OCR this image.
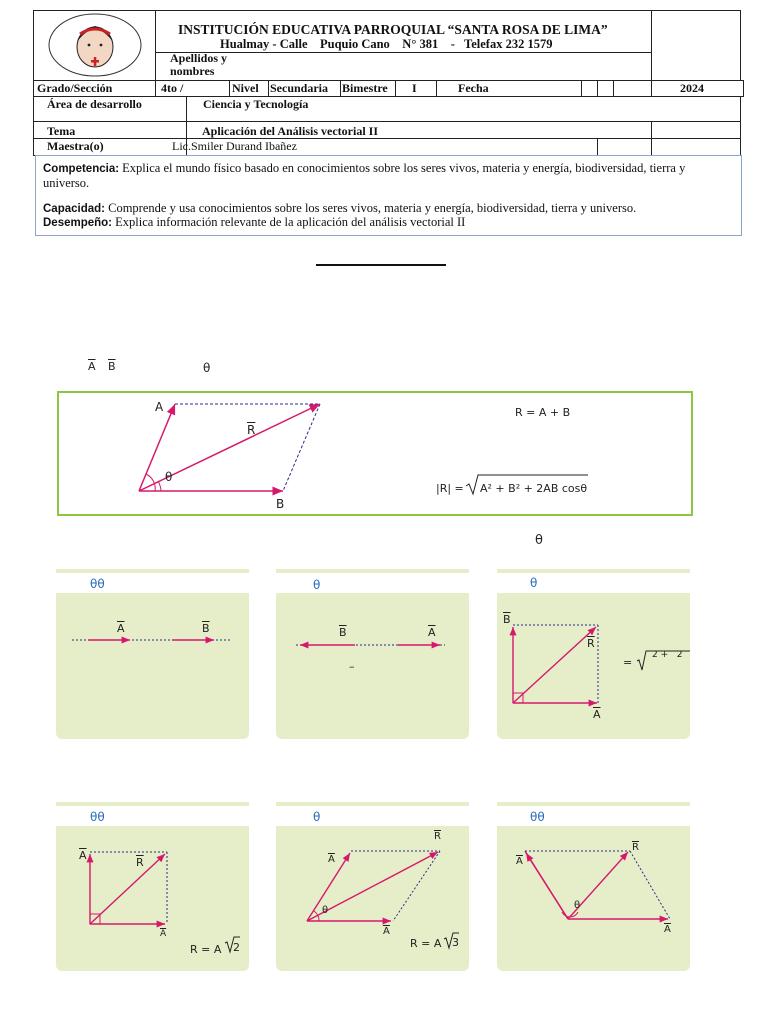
INSTITUCIÓN EDUCATIVA PARROQUIAL “SANTA ROSA DE LIMA”
Hualmay - Calle    Puquio Cano    N° 381    -   Telefax 232 1579
Apellidos y nombres
Grado/Sección	4to /	Nivel Secundaria Bimestre I	Fecha	2024
Área de desarrollo	Ciencia y Tecnología
Tema	Aplicación del Análisis vectorial II
Maestra(o)	Lic.Smiler Durand Ibañez

Competencia: Explica el mundo físico basado en conocimientos sobre los seres vivos, materia y energía, biodiversidad, tierra y universo.

Capacidad: Comprende y usa conocimientos sobre los seres vivos, materia y energía, biodiversidad, tierra y universo.

Desempeño: Explica información relevante de la aplicación del análisis vectorial II

$\overline{A}$ $\overline{B}$	θ
A
B
$\overline{R}$
θ
R = A + B
|R| = A² + B² + 2AB cosθ
θ
θθ	θ	θ
θθ	θ	θθ
$\overline{A}$	$\overline{B}$	$\overline{B}$	$\overline{A}$
–
$\overline{B}$
$\overline{A}$
$\overline{R}$
=
2 +   2
$\overline{A}$
$\overline{A}$
$\overline{R}$
R = A 2
$\overline{A}$
$\overline{A}$
$\overline{R}$
θ
R = A 3
$\overline{A}$
$\overline{A}$
$\overline{R}$
θ
